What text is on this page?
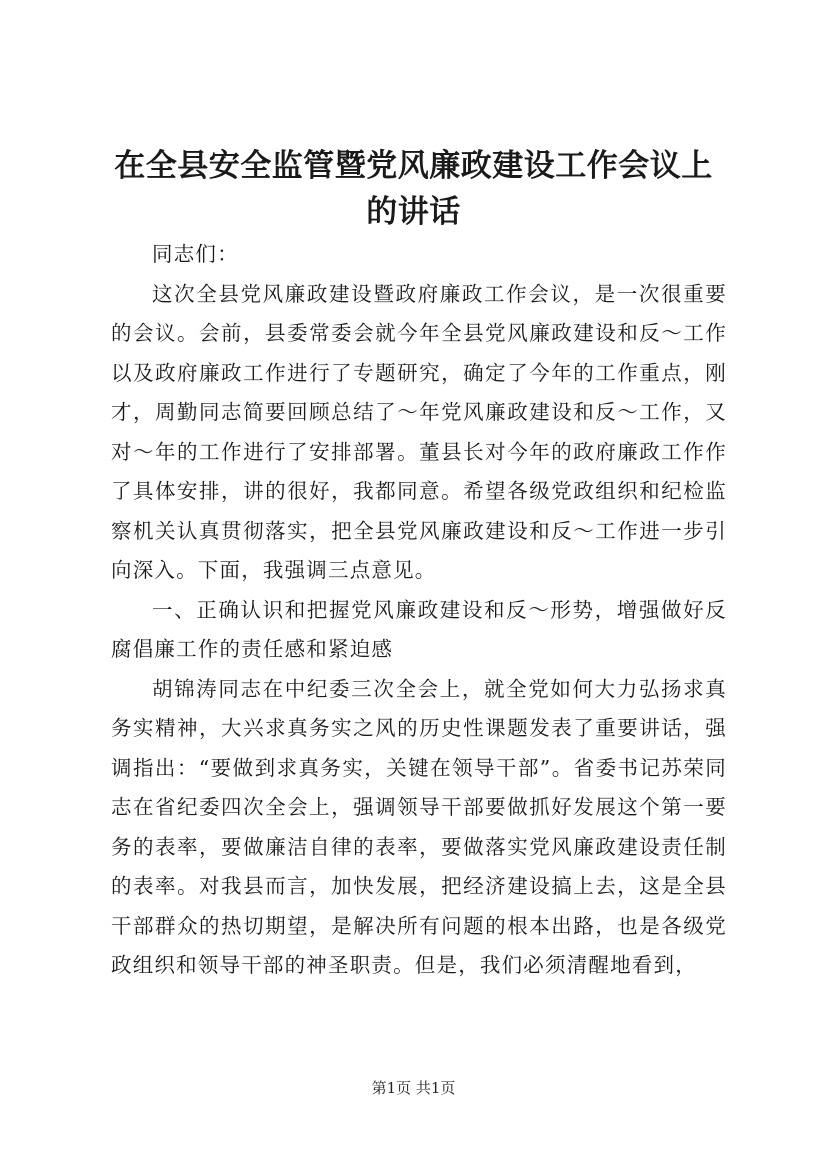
在全县安全监管暨党风廉政建设工作会议上的讲话

同志们：

这次全县党风廉政建设暨政府廉政工作会议，是一次很重要的会议。会前，县委常委会就今年全县党风廉政建设和反～工作以及政府廉政工作进行了专题研究，确定了今年的工作重点，刚才，周勤同志简要回顾总结了～年党风廉政建设和反～工作，又对～年的工作进行了安排部署。董县长对今年的政府廉政工作作了具体安排，讲的很好，我都同意。希望各级党政组织和纪检监察机关认真贯彻落实，把全县党风廉政建设和反～工作进一步引向深入。下面，我强调三点意见。

一、正确认识和把握党风廉政建设和反～形势，增强做好反腐倡廉工作的责任感和紧迫感

胡锦涛同志在中纪委三次全会上，就全党如何大力弘扬求真务实精神，大兴求真务实之风的历史性课题发表了重要讲话，强调指出：“要做到求真务实，关键在领导干部”。省委书记苏荣同志在省纪委四次全会上，强调领导干部要做抓好发展这个第一要务的表率，要做廉洁自律的表率，要做落实党风廉政建设责任制的表率。对我县而言，加快发展，把经济建设搞上去，这是全县干部群众的热切期望，是解决所有问题的根本出路，也是各级党政组织和领导干部的神圣职责。但是，我们必须清醒地看到，

第1页 共1页
